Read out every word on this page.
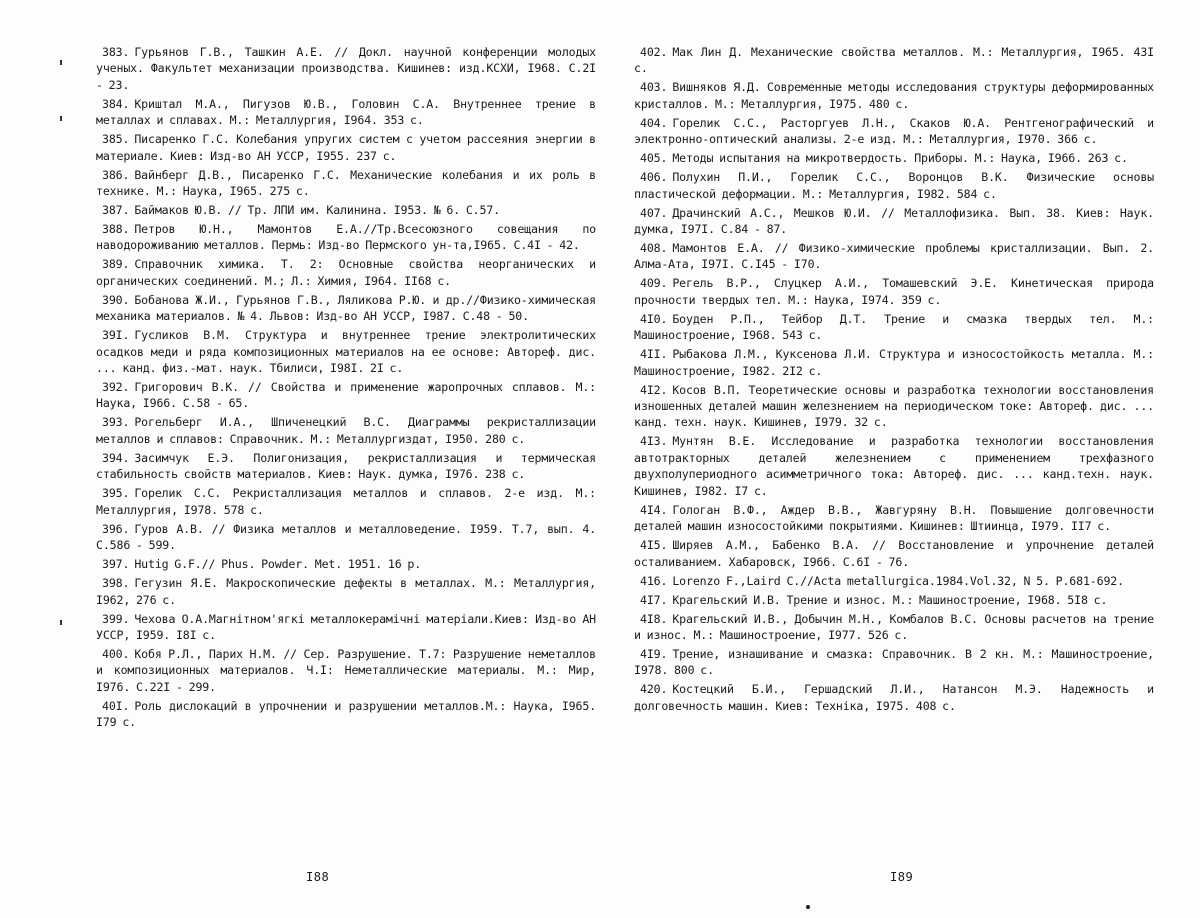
383. Гурьянов Г.В., Ташкин А.Е. // Докл. научной конференции молодых ученых. Факультет механизации производства. Кишинев: изд.КСХИ, I968. С.2I - 23.

384. Криштал М.А., Пигузов Ю.В., Головин С.А. Внутреннее трение в металлах и сплавах. М.: Металлургия, I964. 353 с.

385. Писаренко Г.С. Колебания упругих систем с учетом рассеяния энергии в материале. Киев: Изд-во АН УССР, I955. 237 с.

386. Вайнберг Д.В., Писаренко Г.С. Механические колебания и их роль в технике. М.: Наука, I965. 275 с.

387. Баймаков Ю.В. // Тр. ЛПИ им. Калинина. I953. № 6. С.57.

388. Петров Ю.Н., Мамонтов Е.А.//Тр.Всесоюзного совещания по наводороживанию металлов. Пермь: Изд-во Пермского ун-та,I965. С.4I - 42.

389. Справочник химика. Т. 2: Основные свойства неорганических и органических соединений. М.; Л.: Химия, I964. II68 с.

390. Бобанова Ж.И., Гурьянов Г.В., Ляликова Р.Ю. и др.//Физико-химическая механика материалов. № 4. Львов: Изд-во АН УССР, I987. С.48 - 50.

39I. Гусликов В.М. Структура и внутреннее трение электролитических осадков меди и ряда композиционных материалов на ее основе: Автореф. дис. ... канд. физ.-мат. наук. Тбилиси, I98I. 2I с.

392. Григорович В.К. // Свойства и применение жаропрочных сплавов. М.: Наука, I966. С.58 - 65.

393. Рогельберг И.А., Шпиченецкий В.С. Диаграммы рекристаллизации металлов и сплавов: Справочник. М.: Металлургиздат, I950. 280 с.

394. Засимчук Е.Э. Полигонизация, рекристаллизация и термическая стабильность свойств материалов. Киев: Наук. думка, I976. 238 с.

395. Горелик С.С. Рекристаллизация металлов и сплавов. 2-е изд. М.: Металлургия, I978. 578 с.

396. Гуров А.В. // Физика металлов и металловедение. I959. Т.7, вып. 4. С.586 - 599.

397. Hutig G.F.// Phus. Powder. Met. 1951. 16 p.

398. Гегузин Я.Е. Макроскопические дефекты в металлах. М.: Металлургия, I962, 276 с.

399. Чехова О.А.Магнітном'ягкі металлокерамічні матеріали.Киев: Изд-во АН УССР, I959. I8I с.

400. Кобя Р.Л., Парих Н.М. // Сер. Разрушение. Т.7: Разрушение неметаллов и композиционных материалов. Ч.I: Неметаллические материалы. М.: Мир, I976. С.22I - 299.

40I. Роль дислокаций в упрочнении и разрушении металлов.М.: Наука, I965. I79 с.

I88

402. Мак Лин Д. Механические свойства металлов. М.: Металлургия, I965. 43I с.

403. Вишняков Я.Д. Современные методы исследования структуры деформированных кристаллов. М.: Металлургия, I975. 480 с.

404. Горелик С.С., Расторгуев Л.Н., Скаков Ю.А. Рентгенографический и электронно-оптический анализы. 2-е изд. М.: Металлургия, I970. 366 с.

405. Методы испытания на микротвердость. Приборы. М.: Наука, I966. 263 с.

406. Полухин П.И., Горелик С.С., Воронцов В.К. Физические основы пластической деформации. М.: Металлургия, I982. 584 с.

407. Драчинский А.С., Мешков Ю.И. // Металлофизика. Вып. 38. Киев: Наук. думка, I97I. С.84 - 87.

408. Мамонтов Е.А. // Физико-химические проблемы кристаллизации. Вып. 2. Алма-Ата, I97I. С.I45 - I70.

409. Регель В.Р., Слуцкер А.И., Томашевский Э.Е. Кинетическая природа прочности твердых тел. М.: Наука, I974. 359 с.

4I0. Боуден Р.П., Тейбор Д.Т. Трение и смазка твердых тел. М.: Машиностроение, I968. 543 с.

4II. Рыбакова Л.М., Куксенова Л.И. Структура и износостойкость металла. М.: Машиностроение, I982. 2I2 с.

4I2. Косов В.П. Теоретические основы и разработка технологии восстановления изношенных деталей машин железнением на периодическом токе: Автореф. дис. ... канд. техн. наук. Кишинев, I979. 32 с.

4I3. Мунтян В.Е. Исследование и разработка технологии восстановления автотракторных деталей железнением с применением трехфазного двухполупериодного асимметричного тока: Автореф. дис. ... канд.техн. наук. Кишинев, I982. I7 с.

4I4. Гологан В.Ф., Аждер В.В., Жавгуряну В.Н. Повышение долговечности деталей машин износостойкими покрытиями. Кишинев: Штиинца, I979. II7 с.

4I5. Ширяев А.М., Бабенко В.А. // Восстановление и упрочнение деталей осталиванием. Хабаровск, I966. С.6I - 76.

416. Lorenzo F.,Laird C.//Acta metallurgica.1984.Vol.32, N 5. P.681-692.

4I7. Крагельский И.В. Трение и износ. М.: Машиностроение, I968. 5I8 с.

4I8. Крагельский И.В., Добычин М.Н., Комбалов В.С. Основы расчетов на трение и износ. М.: Машиностроение, I977. 526 с.

4I9. Трение, изнашивание и смазка: Справочник. В 2 кн. М.: Машиностроение, I978. 800 с.

420. Костецкий Б.И., Гершадский Л.И., Натансон М.Э. Надежность и долговечность машин. Киев: Техніка, I975. 408 с.

I89
